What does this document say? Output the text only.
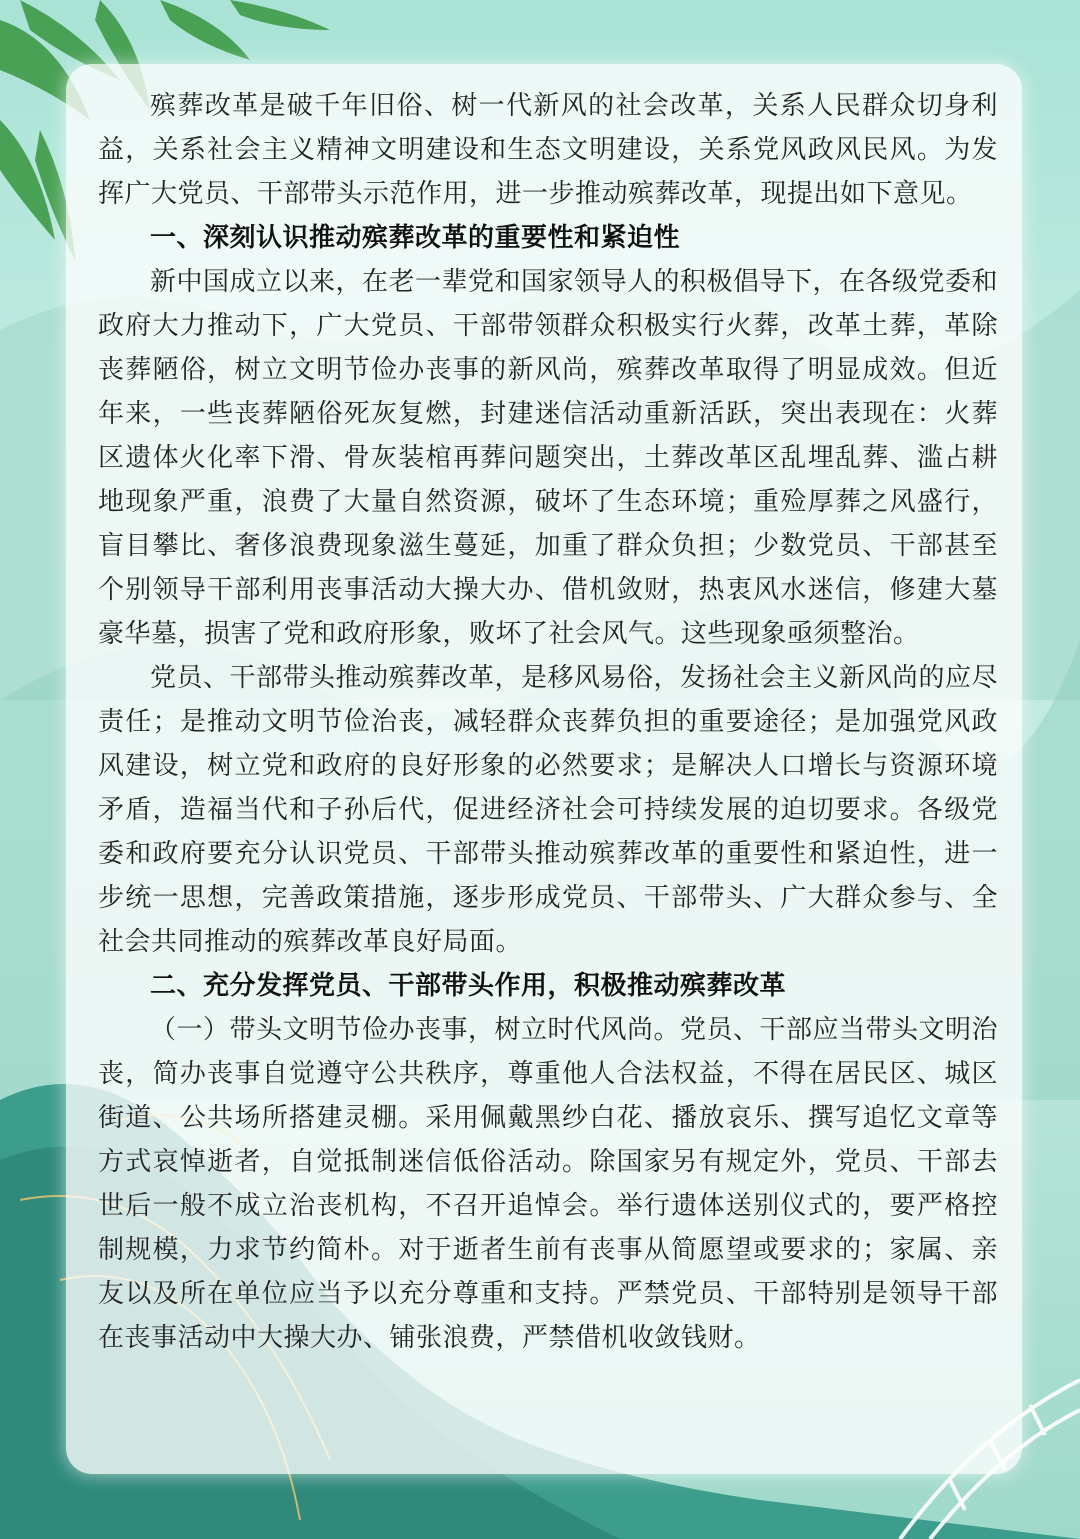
殡葬改革是破千年旧俗、树一代新风的社会改革，关系人民群众切身利益，关系社会主义精神文明建设和生态文明建设，关系党风政风民风。为发挥广大党员、干部带头示范作用，进一步推动殡葬改革，现提出如下意见。

一、深刻认识推动殡葬改革的重要性和紧迫性

新中国成立以来，在老一辈党和国家领导人的积极倡导下，在各级党委和政府大力推动下，广大党员、干部带领群众积极实行火葬，改革土葬，革除丧葬陋俗，树立文明节俭办丧事的新风尚，殡葬改革取得了明显成效。但近年来，一些丧葬陋俗死灰复燃，封建迷信活动重新活跃，突出表现在：火葬区遗体火化率下滑、骨灰装棺再葬问题突出，土葬改革区乱埋乱葬、滥占耕地现象严重，浪费了大量自然资源，破坏了生态环境；重殓厚葬之风盛行，盲目攀比、奢侈浪费现象滋生蔓延，加重了群众负担；少数党员、干部甚至个别领导干部利用丧事活动大操大办、借机敛财，热衷风水迷信，修建大墓豪华墓，损害了党和政府形象，败坏了社会风气。这些现象亟须整治。

党员、干部带头推动殡葬改革，是移风易俗，发扬社会主义新风尚的应尽责任；是推动文明节俭治丧，减轻群众丧葬负担的重要途径；是加强党风政风建设，树立党和政府的良好形象的必然要求；是解决人口增长与资源环境矛盾，造福当代和子孙后代，促进经济社会可持续发展的迫切要求。各级党委和政府要充分认识党员、干部带头推动殡葬改革的重要性和紧迫性，进一步统一思想，完善政策措施，逐步形成党员、干部带头、广大群众参与、全社会共同推动的殡葬改革良好局面。

二、充分发挥党员、干部带头作用，积极推动殡葬改革

（一）带头文明节俭办丧事，树立时代风尚。党员、干部应当带头文明治丧，简办丧事自觉遵守公共秩序，尊重他人合法权益，不得在居民区、城区街道、公共场所搭建灵棚。采用佩戴黑纱白花、播放哀乐、撰写追忆文章等方式哀悼逝者，自觉抵制迷信低俗活动。除国家另有规定外，党员、干部去世后一般不成立治丧机构，不召开追悼会。举行遗体送别仪式的，要严格控制规模，力求节约简朴。对于逝者生前有丧事从简愿望或要求的；家属、亲友以及所在单位应当予以充分尊重和支持。严禁党员、干部特别是领导干部在丧事活动中大操大办、铺张浪费，严禁借机收敛钱财。
